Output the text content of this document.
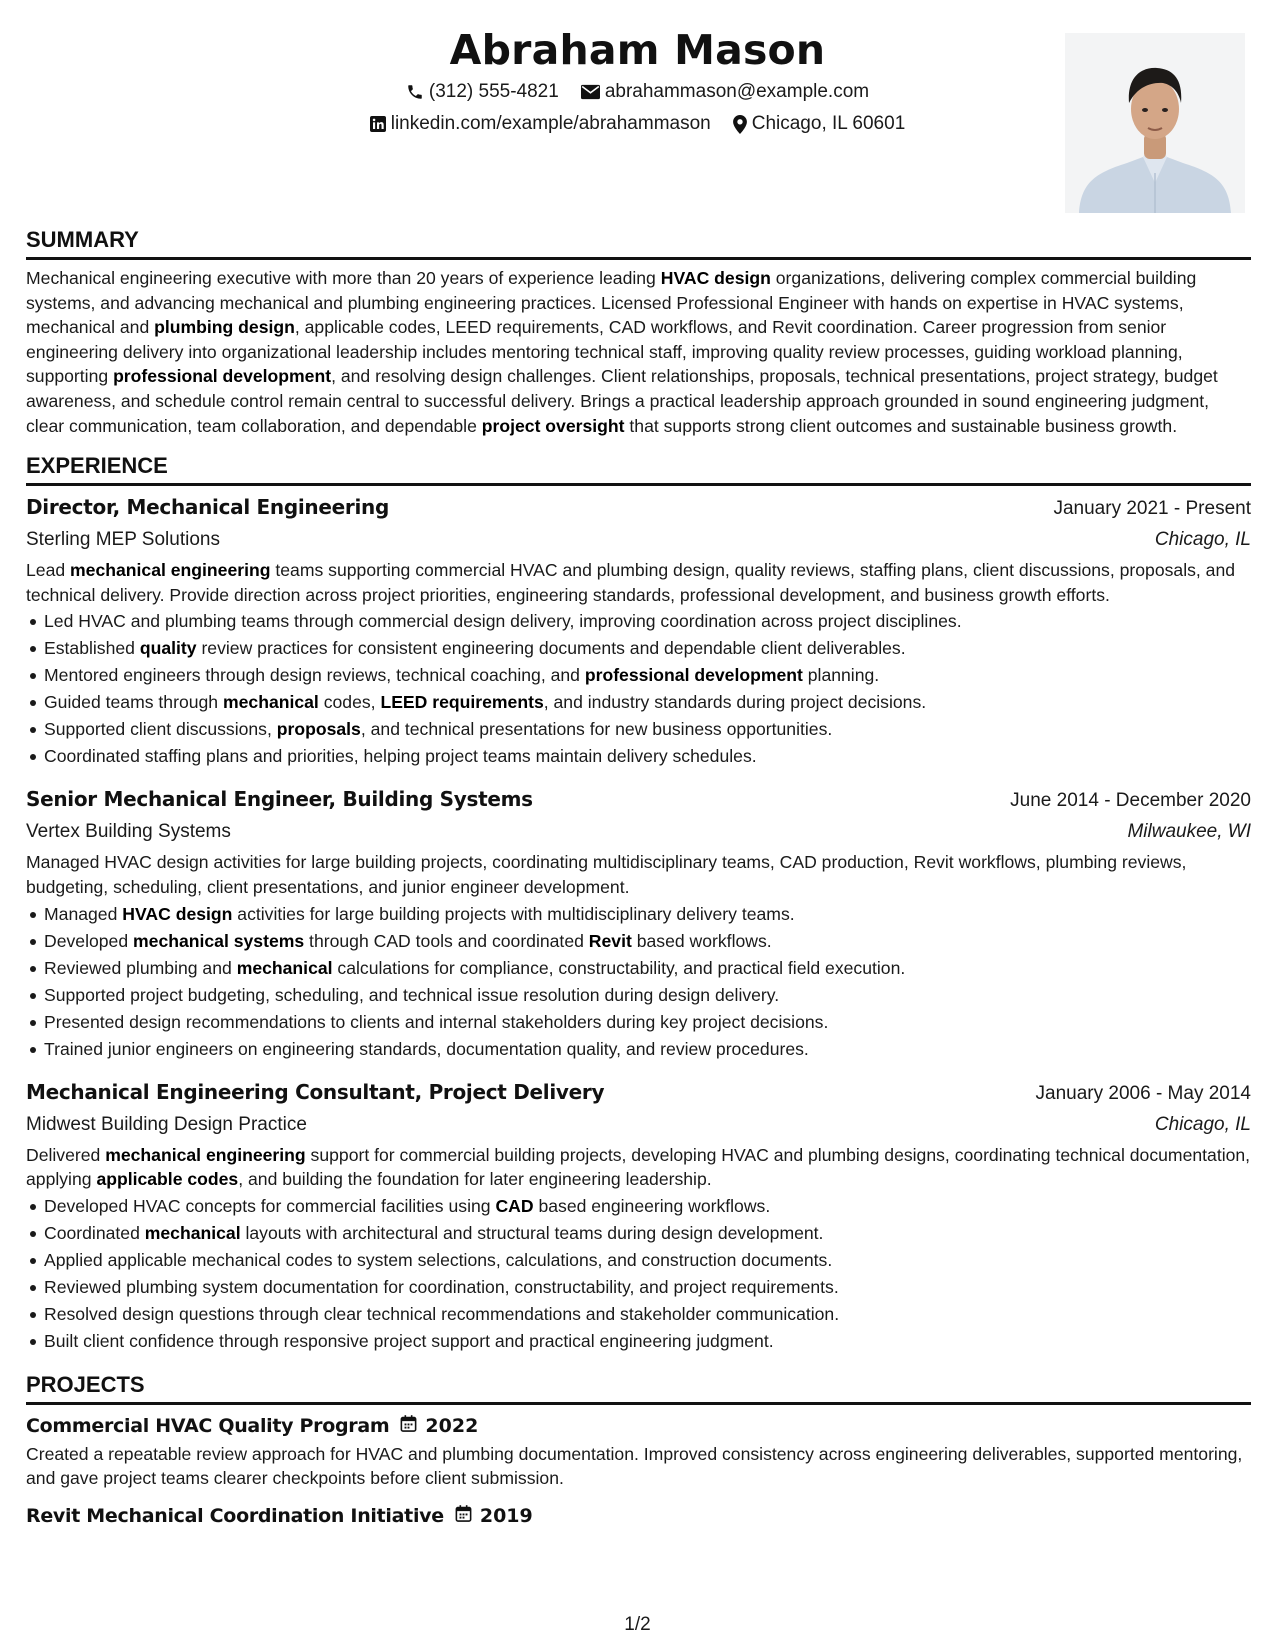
Abraham Mason
(312) 555-4821 abrahammason@example.com
linkedin.com/example/abrahammason Chicago, IL 60601
SUMMARY

Mechanical engineering executive with more than 20 years of experience leading HVAC design organizations, delivering complex commercial building systems, and advancing mechanical and plumbing engineering practices. Licensed Professional Engineer with hands on expertise in HVAC systems, mechanical and plumbing design, applicable codes, LEED requirements, CAD workflows, and Revit coordination. Career progression from senior engineering delivery into organizational leadership includes mentoring technical staff, improving quality review processes, guiding workload planning, supporting professional development, and resolving design challenges. Client relationships, proposals, technical presentations, project strategy, budget awareness, and schedule control remain central to successful delivery. Brings a practical leadership approach grounded in sound engineering judgment, clear communication, team collaboration, and dependable project oversight that supports strong client outcomes and sustainable business growth.

EXPERIENCE
Director, Mechanical Engineering	January 2021 - Present
Sterling MEP Solutions	Chicago, IL

Lead mechanical engineering teams supporting commercial HVAC and plumbing design, quality reviews, staffing plans, client discussions, proposals, and technical delivery. Provide direction across project priorities, engineering standards, professional development, and business growth efforts.

Led HVAC and plumbing teams through commercial design delivery, improving coordination across project disciplines.
Established quality review practices for consistent engineering documents and dependable client deliverables.
Mentored engineers through design reviews, technical coaching, and professional development planning.
Guided teams through mechanical codes, LEED requirements, and industry standards during project decisions.
Supported client discussions, proposals, and technical presentations for new business opportunities.
Coordinated staffing plans and priorities, helping project teams maintain delivery schedules.
Senior Mechanical Engineer, Building Systems	June 2014 - December 2020
Vertex Building Systems	Milwaukee, WI

Managed HVAC design activities for large building projects, coordinating multidisciplinary teams, CAD production, Revit workflows, plumbing reviews, budgeting, scheduling, client presentations, and junior engineer development.

Managed HVAC design activities for large building projects with multidisciplinary delivery teams.
Developed mechanical systems through CAD tools and coordinated Revit based workflows.
Reviewed plumbing and mechanical calculations for compliance, constructability, and practical field execution.
Supported project budgeting, scheduling, and technical issue resolution during design delivery.
Presented design recommendations to clients and internal stakeholders during key project decisions.
Trained junior engineers on engineering standards, documentation quality, and review procedures.
Mechanical Engineering Consultant, Project Delivery	January 2006 - May 2014
Midwest Building Design Practice	Chicago, IL

Delivered mechanical engineering support for commercial building projects, developing HVAC and plumbing designs, coordinating technical documentation, applying applicable codes, and building the foundation for later engineering leadership.

Developed HVAC concepts for commercial facilities using CAD based engineering workflows.
Coordinated mechanical layouts with architectural and structural teams during design development.
Applied applicable mechanical codes to system selections, calculations, and construction documents.
Reviewed plumbing system documentation for coordination, constructability, and project requirements.
Resolved design questions through clear technical recommendations and stakeholder communication.
Built client confidence through responsive project support and practical engineering judgment.
PROJECTS
Commercial HVAC Quality Program 2022

Created a repeatable review approach for HVAC and plumbing documentation. Improved consistency across engineering deliverables, supported mentoring, and gave project teams clearer checkpoints before client submission.

Revit Mechanical Coordination Initiative 2019
1/2
